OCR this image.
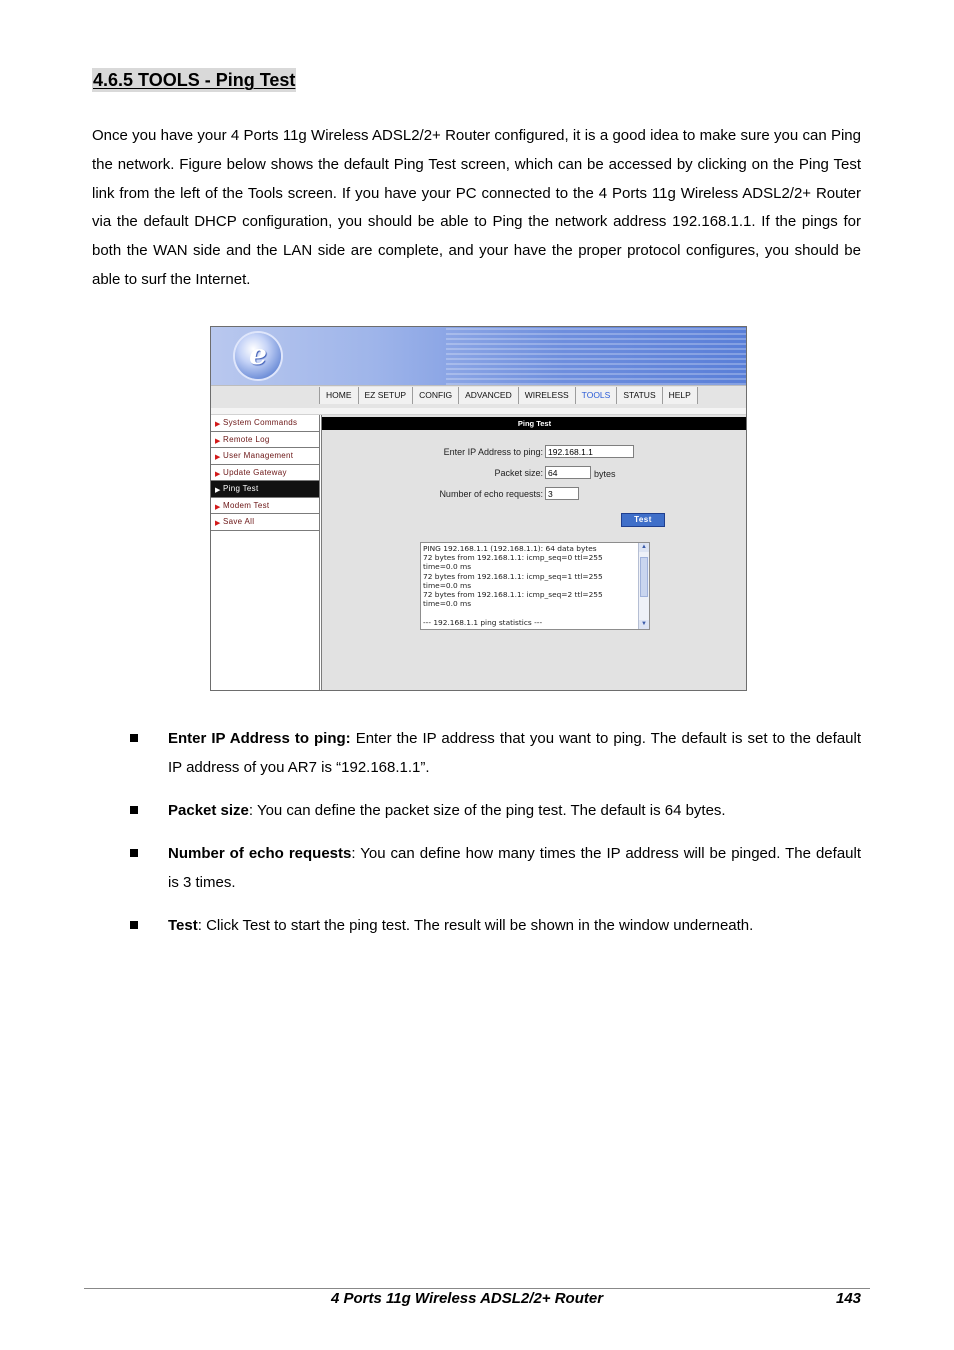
4.6.5 TOOLS - Ping Test

Once you have your 4 Ports 11g Wireless ADSL2/2+ Router configured, it is a good idea to make sure you can Ping the network. Figure below shows the default Ping Test screen, which can be accessed by clicking on the Ping Test link from the left of the Tools screen. If you have your PC connected to the 4 Ports 11g Wireless ADSL2/2+ Router via the default DHCP configuration, you should be able to Ping the network address 192.168.1.1. If the pings for both the WAN side and the LAN side are complete, and your have the proper protocol configures, you should be able to surf the Internet.

e
HOME	EZ SETUP	CONFIG	ADVANCED	WIRELESS	TOOLS	STATUS	HELP
▶ System Commands
▶ Remote Log
▶ User Management
▶ Update Gateway
▶ Ping Test
▶ Modem Test
▶ Save All
Ping Test
Enter IP Address to ping: 192.168.1.1
Packet size: 64	bytes
Number of echo requests: 3
Test
PING 192.168.1.1 (192.168.1.1): 64 data bytes
72 bytes from 192.168.1.1: icmp_seq=0 ttl=255
time=0.0 ms
72 bytes from 192.168.1.1: icmp_seq=1 ttl=255
time=0.0 ms
72 bytes from 192.168.1.1: icmp_seq=2 ttl=255
time=0.0 ms

--- 192.168.1.1 ping statistics ---
▲
▼

Enter IP Address to ping: Enter the IP address that you want to ping. The default is set to the default IP address of you AR7 is “192.168.1.1”.

Packet size: You can define the packet size of the ping test. The default is 64 bytes.

Number of echo requests: You can define how many times the IP address will be pinged. The default is 3 times.

Test: Click Test to start the ping test. The result will be shown in the window underneath.

4 Ports 11g Wireless ADSL2/2+ Router	143
